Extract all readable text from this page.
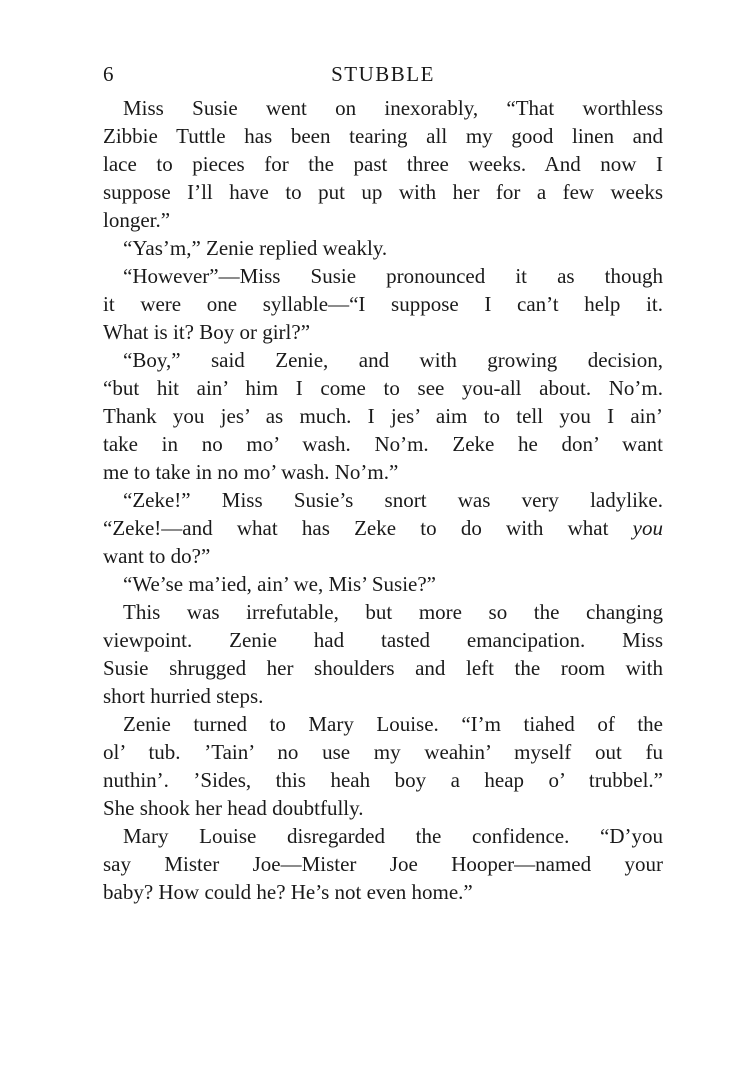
6	STUBBLE

Miss Susie went on inexorably, “That worthless
Zibbie Tuttle has been tearing all my good linen and
lace to pieces for the past three weeks. And now I
suppose I’ll have to put up with her for a few weeks
longer.”

“Yas’m,” Zenie replied weakly.

“However”—Miss Susie pronounced it as though
it were one syllable—“I suppose I can’t help it.
What is it? Boy or girl?”

“Boy,” said Zenie, and with growing decision,
“but hit ain’ him I come to see you-all about. No’m.
Thank you jes’ as much. I jes’ aim to tell you I ain’
take in no mo’ wash. No’m. Zeke he don’ want
me to take in no mo’ wash. No’m.”

“Zeke!” Miss Susie’s snort was very ladylike.
“Zeke!—and what has Zeke to do with what you
want to do?”

“We’se ma’ied, ain’ we, Mis’ Susie?”

This was irrefutable, but more so the changing
viewpoint. Zenie had tasted emancipation. Miss
Susie shrugged her shoulders and left the room with
short hurried steps.

Zenie turned to Mary Louise. “I’m tiahed of the
ol’ tub. ’Tain’ no use my weahin’ myself out fu
nuthin’. ’Sides, this heah boy a heap o’ trubbel.”
She shook her head doubtfully.

Mary Louise disregarded the confidence. “D’you
say Mister Joe—Mister Joe Hooper—named your
baby? How could he? He’s not even home.”
